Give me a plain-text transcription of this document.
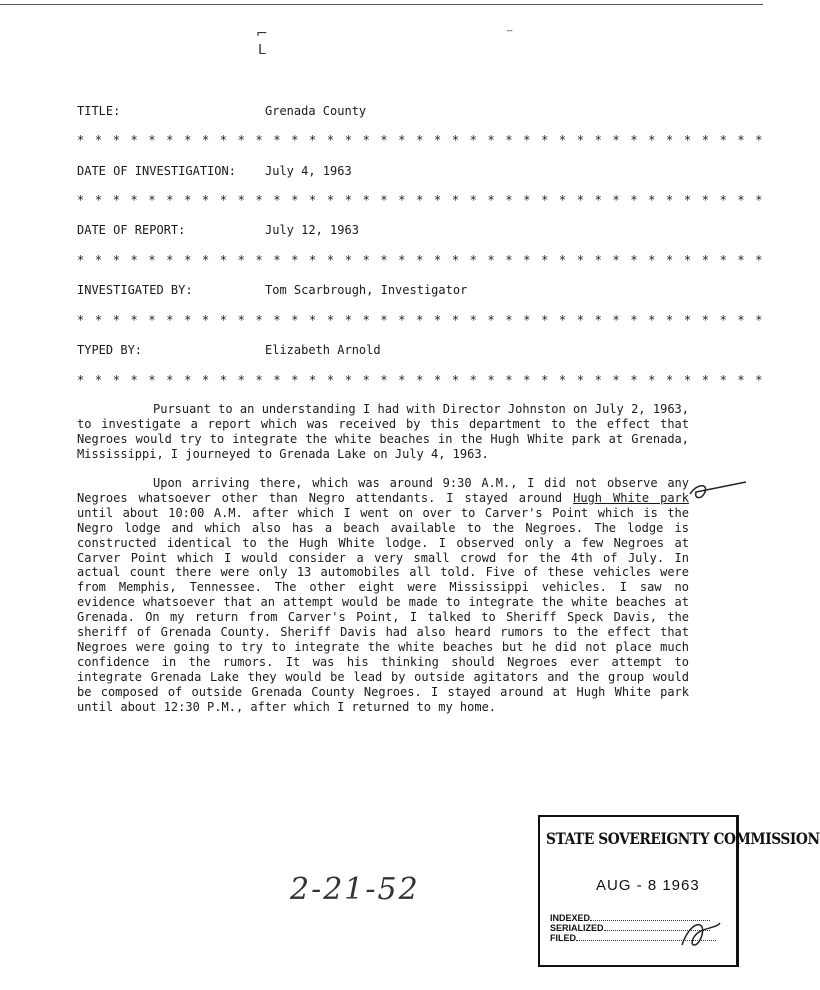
⌐
ᒪ
⁻
TITLE:	Grenada County
* * * * * * * * * * * * * * * * * * * * * * * * * * * * * * * * * * * * * * *
DATE OF INVESTIGATION: July 4, 1963
* * * * * * * * * * * * * * * * * * * * * * * * * * * * * * * * * * * * * * *
DATE OF REPORT:	July 12, 1963
* * * * * * * * * * * * * * * * * * * * * * * * * * * * * * * * * * * * * * *
INVESTIGATED BY:	Tom Scarbrough, Investigator
* * * * * * * * * * * * * * * * * * * * * * * * * * * * * * * * * * * * * * *
TYPED BY:	Elizabeth Arnold
* * * * * * * * * * * * * * * * * * * * * * * * * * * * * * * * * * * * * * *

Pursuant to an understanding I had with Director Johnston on July 2, 1963, to investigate a report which was received by this department to the effect that Negroes would try to integrate the white beaches in the Hugh White park at Grenada, Mississippi, I journeyed to Grenada Lake on July 4, 1963.

Upon arriving there, which was around 9:30 A.M., I did not observe any Negroes whatsoever other than Negro attendants. I stayed around Hugh White park until about 10:00 A.M. after which I went on over to Carver's Point which is the Negro lodge and which also has a beach available to the Negroes. The lodge is constructed identical to the Hugh White lodge. I observed only a few Negroes at Carver Point which I would consider a very small crowd for the 4th of July. In actual count there were only 13 automobiles all told. Five of these vehicles were from Memphis, Tennessee. The other eight were Mississippi vehicles. I saw no evidence whatsoever that an attempt would be made to integrate the white beaches at Grenada. On my return from Carver's Point, I talked to Sheriff Speck Davis, the sheriff of Grenada County. Sheriff Davis had also heard rumors to the effect that Negroes were going to try to integrate the white beaches but he did not place much confidence in the rumors. It was his thinking should Negroes ever attempt to integrate Grenada Lake they would be lead by outside agitators and the group would be composed of outside Grenada County Negroes. I stayed around at Hugh White park until about 12:30 P.M., after which I returned to my home.

2-21-52
STATE SOVEREIGNTY COMMISSION
AUG - 8 1963
INDEXED
SERIALIZED
FILED
